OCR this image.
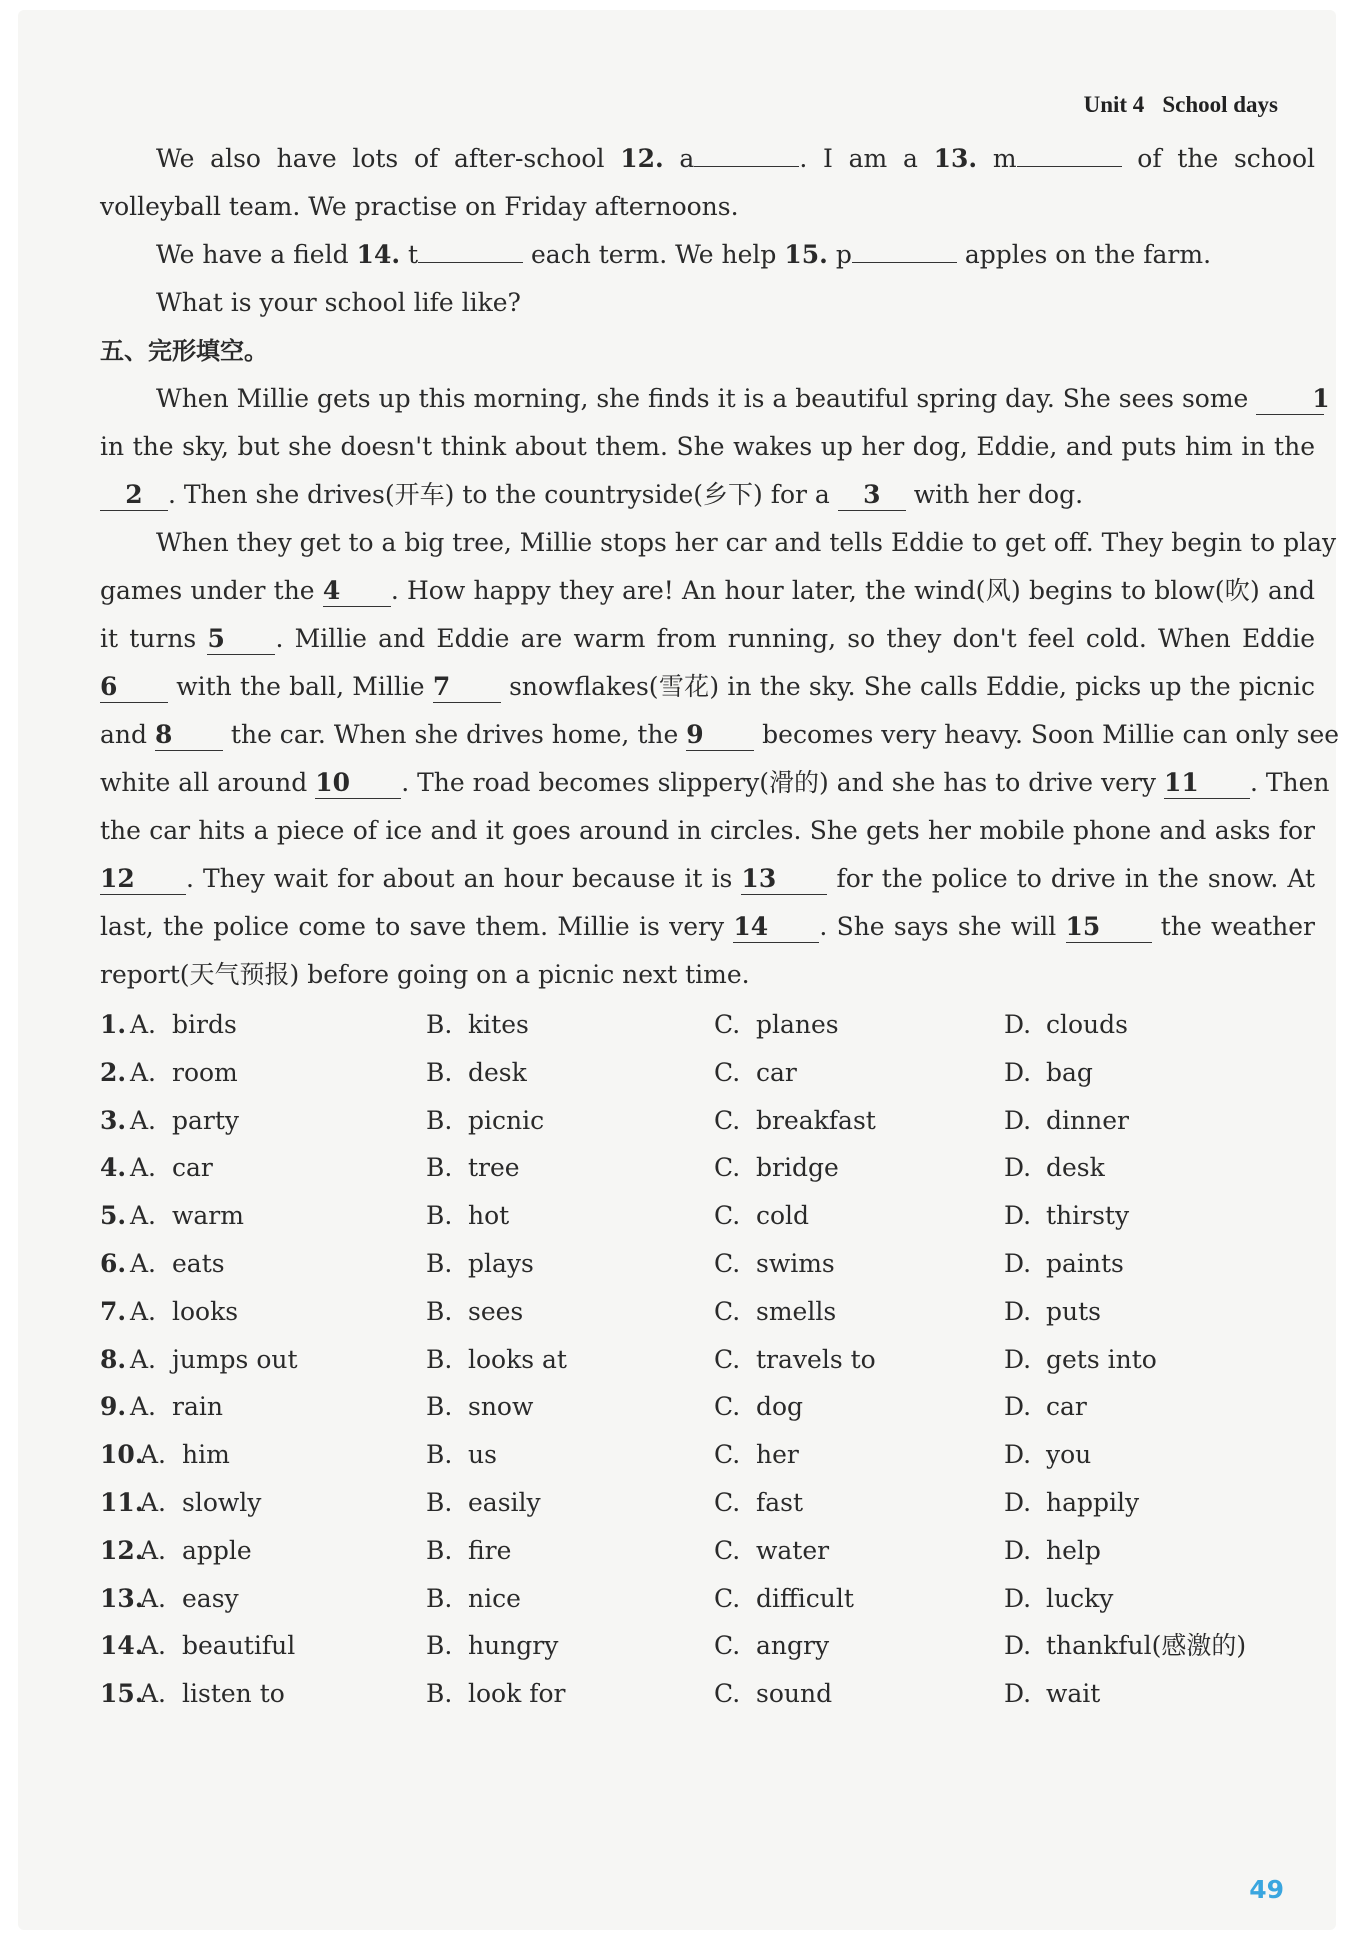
Unit 4 School days
We also have lots of after-school 12. a	. I am a 13. m	of the school
volleyball team. We practise on Friday afternoons.
We have a field 14. t	each term. We help 15. p	apples on the farm.
What is your school life like?
五、完形填空。
When Millie gets up this morning, she finds it is a beautiful spring day. She sees some	1
in the sky, but she doesn't think about them. She wakes up her dog, Eddie, and puts him in the
2 . Then she drives(开车) to the countryside(乡下) for a 3 with her dog.
When they get to a big tree, Millie stops her car and tells Eddie to get off. They begin to play
games under the 4 . How happy they are! An hour later, the wind(风) begins to blow(吹) and
it turns 5 . Millie and Eddie are warm from running, so they don't feel cold. When Eddie
6 with the ball, Millie 7 snowflakes(雪花) in the sky. She calls Eddie, picks up the picnic
and 8 the car. When she drives home, the 9 becomes very heavy. Soon Millie can only see
white all around 10 . The road becomes slippery(滑的) and she has to drive very 11 . Then
the car hits a piece of ice and it goes around in circles. She gets her mobile phone and asks for
12 . They wait for about an hour because it is 13 for the police to drive in the snow. At
last, the police come to save them. Millie is very 14 . She says she will 15 the weather
report(天气预报) before going on a picnic next time.
1. A. birds	B. kites	C. planes	D. clouds
2. A. room	B. desk	C. car	D. bag
3. A. party	B. picnic	C. breakfast	D. dinner
4. A. car	B. tree	C. bridge	D. desk
5. A. warm	B. hot	C. cold	D. thirsty
6. A. eats	B. plays	C. swims	D. paints
7. A. looks	B. sees	C. smells	D. puts
8. A. jumps out	B. looks at	C. travels to	D. gets into
9. A. rain	B. snow	C. dog	D. car
10.
A. him	B. us	C. her	D. you
11.
A. slowly	B. easily	C. fast	D. happily
12.
A. apple	B. fire	C. water	D. help
13.
A. easy	B. nice	C. difficult	D. lucky
14.
A. beautiful	B. hungry	C. angry	D. thankful(感激的)
15.
A. listen to	B. look for	C. sound	D. wait
49
